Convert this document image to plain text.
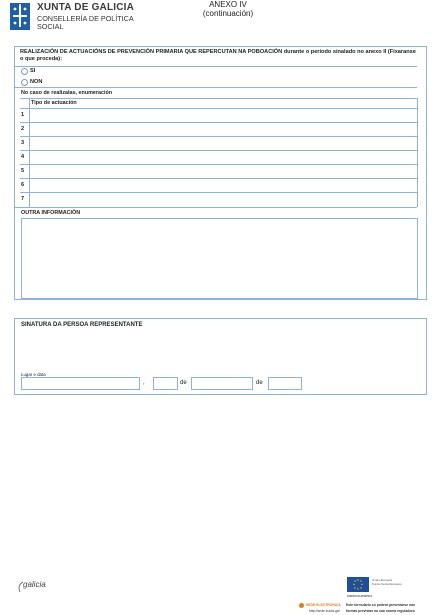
XUNTA DE GALICIA
CONSELLERÍA DE POLÍTICA
SOCIAL
ANEXO IV
(continuación)
REALIZACIÓN DE ACTUACIÓNS DE PREVENCIÓN PRIMARIA QUE REPERCUTAN NA POBOACIÓN durante o período sinalado no anexo II (Fíxaranse o que proceda):
SI
NON
No caso de realizalas, enumeración
Tipo de actuación
1
2
3
4
5
6
7
OUTRA INFORMACIÓN
SINATURA DA PERSOA REPRESENTANTE
Lugar e data
,	de	de
galicia	Unión Europea
Fondo Social Europeo
UNIÓN EUROPEA
SEDE ELECTRÓNICA Este formulario só poderá presentarse nas
http://sede.xunta.gal formas previstas na súa norma reguladora
